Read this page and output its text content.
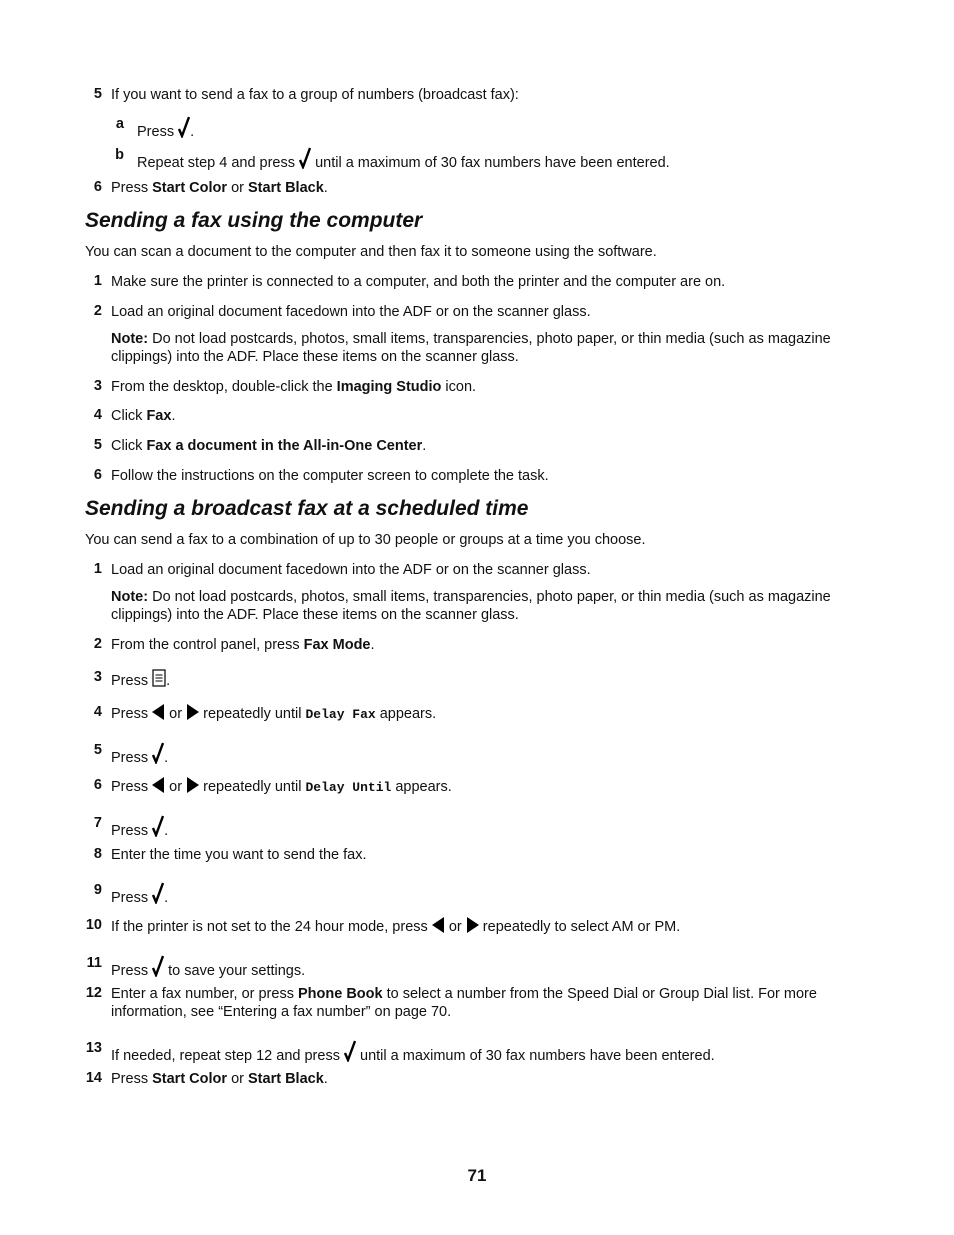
5 If you want to send a fax to a group of numbers (broadcast fax):
a Press .
b Repeat step 4 and press until a maximum of 30 fax numbers have been entered.
6 Press Start Color or Start Black.
Sending a fax using the computer
You can scan a document to the computer and then fax it to someone using the software.
1 Make sure the printer is connected to a computer, and both the printer and the computer are on.
2 Load an original document facedown into the ADF or on the scanner glass.
Note: Do not load postcards, photos, small items, transparencies, photo paper, or thin media (such as magazine clippings) into the ADF. Place these items on the scanner glass.
3 From the desktop, double-click the Imaging Studio icon.
4 Click Fax.
5 Click Fax a document in the All-in-One Center.
6 Follow the instructions on the computer screen to complete the task.
Sending a broadcast fax at a scheduled time
You can send a fax to a combination of up to 30 people or groups at a time you choose.
1 Load an original document facedown into the ADF or on the scanner glass.
Note: Do not load postcards, photos, small items, transparencies, photo paper, or thin media (such as magazine clippings) into the ADF. Place these items on the scanner glass.
2 From the control panel, press Fax Mode.
3 Press .
4 Press or repeatedly until Delay Fax appears.
5 Press .
6 Press or repeatedly until Delay Until appears.
7 Press .
8 Enter the time you want to send the fax.
9 Press .
10 If the printer is not set to the 24 hour mode, press or repeatedly to select AM or PM.
11 Press to save your settings.
12 Enter a fax number, or press Phone Book to select a number from the Speed Dial or Group Dial list. For more information, see “Entering a fax number” on page 70.
13 If needed, repeat step 12 and press until a maximum of 30 fax numbers have been entered.
14 Press Start Color or Start Black.
71
